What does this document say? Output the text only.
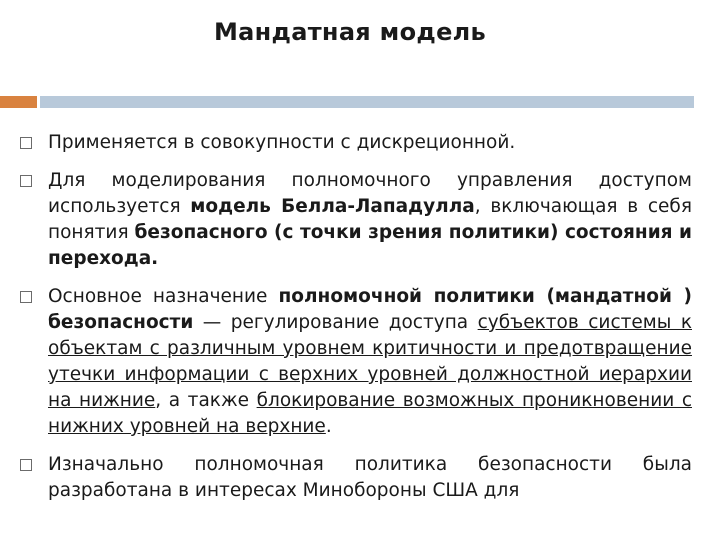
Мандатная модель

Применяется в совокупности с дискреционной.

Для моделирования полномочного управления доступом используется модель Белла-Лападулла, включающая в себя понятия безопасного (с точки зрения политики) состояния и перехода.

Основное назначение полномочной политики (мандатной ) безопасности — регулирование доступа субъектов системы к объектам с различным уровнем критичности и предотвращение утечки информации с верхних уровней должностной иерархии на нижние, а также блокирование возможных проникновении с нижних уровней на верхние.

Изначально полномочная политика безопасности была разработана в интересах Минобороны США для
